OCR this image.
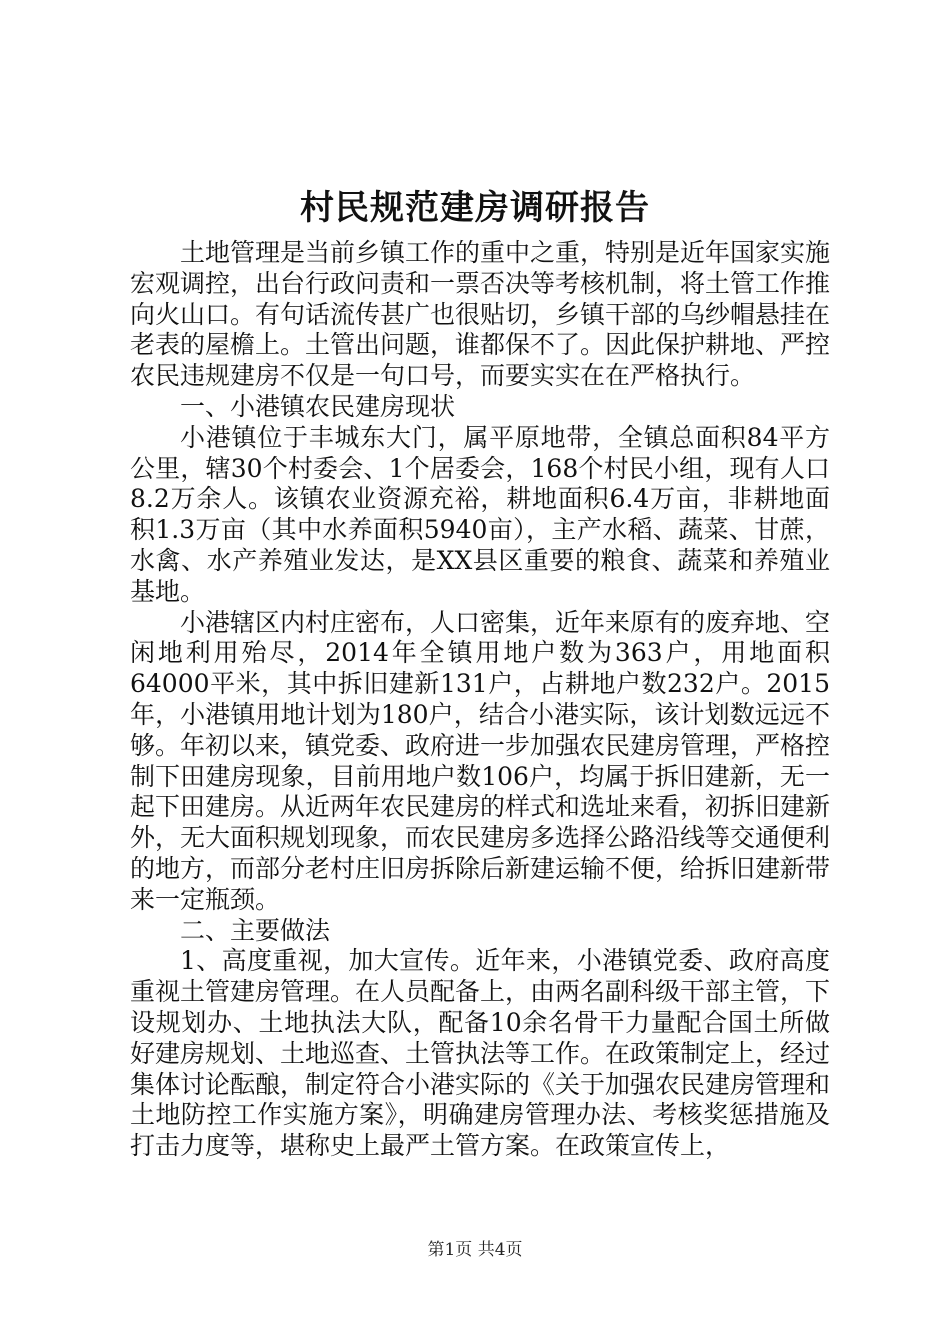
村民规范建房调研报告

土地管理是当前乡镇工作的重中之重，特别是近年国家实施宏观调控，出台行政问责和一票否决等考核机制，将土管工作推向火山口。有句话流传甚广也很贴切，乡镇干部的乌纱帽悬挂在老表的屋檐上。土管出问题，谁都保不了。因此保护耕地、严控农民违规建房不仅是一句口号，而要实实在在严格执行。

一、小港镇农民建房现状

小港镇位于丰城东大门，属平原地带，全镇总面积84平方公里，辖30个村委会、1个居委会，168个村民小组，现有人口8.2万余人。该镇农业资源充裕，耕地面积6.4万亩，非耕地面积1.3万亩（其中水养面积5940亩），主产水稻、蔬菜、甘蔗，水禽、水产养殖业发达，是XX县区重要的粮食、蔬菜和养殖业基地。

小港辖区内村庄密布，人口密集，近年来原有的废弃地、空闲地利用殆尽，2014年全镇用地户数为363户，用地面积64000平米，其中拆旧建新131户，占耕地户数232户。2015年，小港镇用地计划为180户，结合小港实际，该计划数远远不够。年初以来，镇党委、政府进一步加强农民建房管理，严格控制下田建房现象，目前用地户数106户，均属于拆旧建新，无一起下田建房。从近两年农民建房的样式和选址来看，初拆旧建新外，无大面积规划现象，而农民建房多选择公路沿线等交通便利的地方，而部分老村庄旧房拆除后新建运输不便，给拆旧建新带来一定瓶颈。

二、主要做法

1、高度重视，加大宣传。近年来，小港镇党委、政府高度重视土管建房管理。在人员配备上，由两名副科级干部主管，下设规划办、土地执法大队，配备10余名骨干力量配合国土所做好建房规划、土地巡查、土管执法等工作。在政策制定上，经过集体讨论酝酿，制定符合小港实际的《关于加强农民建房管理和土地防控工作实施方案》，明确建房管理办法、考核奖惩措施及打击力度等，堪称史上最严土管方案。在政策宣传上，

第1页 共4页
